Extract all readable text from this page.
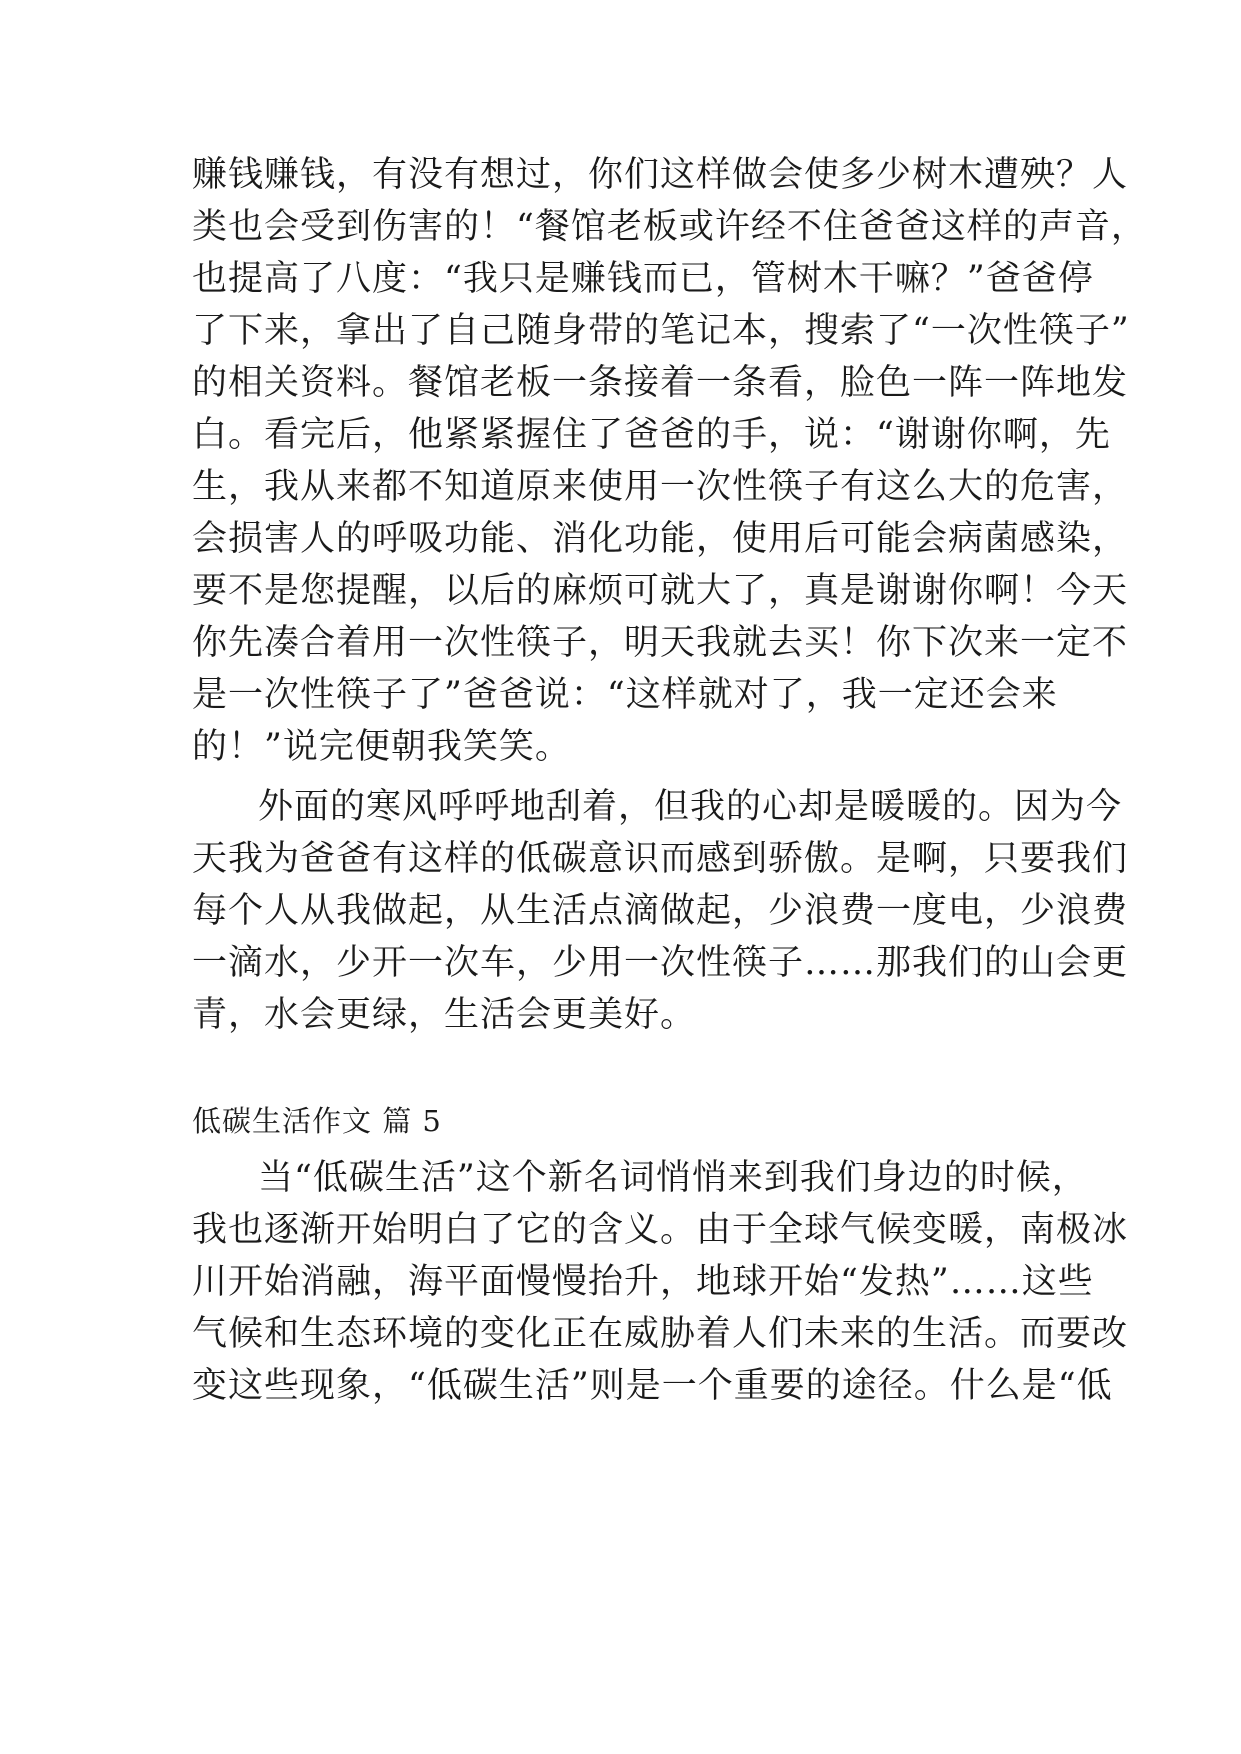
赚钱赚钱，有没有想过，你们这样做会使多少树木遭殃？人
类也会受到伤害的！“餐馆老板或许经不住爸爸这样的声音，
也提高了八度：“我只是赚钱而已，管树木干嘛？”爸爸停
了下来，拿出了自己随身带的笔记本，搜索了“一次性筷子”
的相关资料。餐馆老板一条接着一条看，脸色一阵一阵地发
白。看完后，他紧紧握住了爸爸的手，说：“谢谢你啊，先
生，我从来都不知道原来使用一次性筷子有这么大的危害，
会损害人的呼吸功能、消化功能，使用后可能会病菌感染，
要不是您提醒，以后的麻烦可就大了，真是谢谢你啊！今天
你先凑合着用一次性筷子，明天我就去买！你下次来一定不
是一次性筷子了”爸爸说：“这样就对了，我一定还会来
的！”说完便朝我笑笑。
外面的寒风呼呼地刮着，但我的心却是暖暖的。因为今
天我为爸爸有这样的低碳意识而感到骄傲。是啊，只要我们
每个人从我做起，从生活点滴做起，少浪费一度电，少浪费
一滴水，少开一次车，少用一次性筷子……那我们的山会更
青，水会更绿，生活会更美好。
低碳生活作文 篇 5
当“低碳生活”这个新名词悄悄来到我们身边的时候，
我也逐渐开始明白了它的含义。由于全球气候变暖，南极冰
川开始消融，海平面慢慢抬升，地球开始“发热”……这些
气候和生态环境的变化正在威胁着人们未来的生活。而要改
变这些现象，“低碳生活”则是一个重要的途径。什么是“低
